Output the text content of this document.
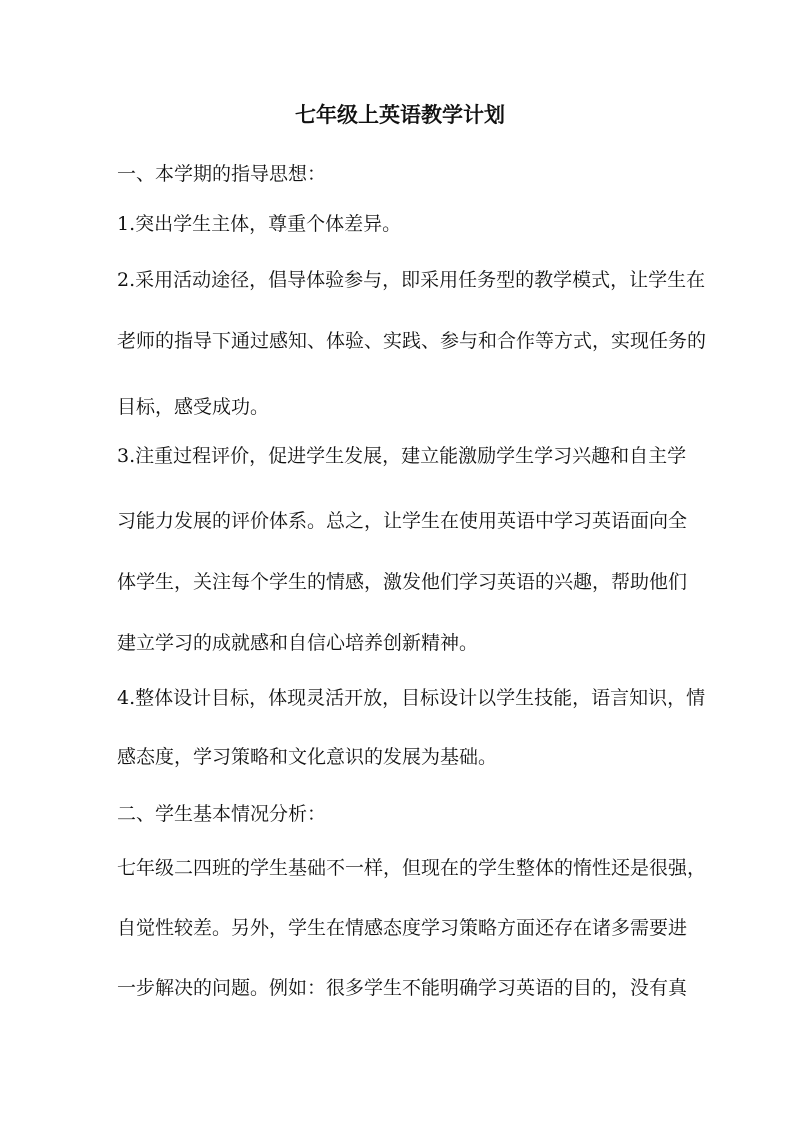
七年级上英语教学计划
一、本学期的指导思想：
1.突出学生主体，尊重个体差异。
2.采用活动途径，倡导体验参与，即采用任务型的教学模式，让学生在
老师的指导下通过感知、体验、实践、参与和合作等方式，实现任务的
目标，感受成功。
3.注重过程评价，促进学生发展，建立能激励学生学习兴趣和自主学
习能力发展的评价体系。总之，让学生在使用英语中学习英语面向全
体学生，关注每个学生的情感，激发他们学习英语的兴趣，帮助他们
建立学习的成就感和自信心培养创新精神。
4.整体设计目标，体现灵活开放，目标设计以学生技能，语言知识，情
感态度，学习策略和文化意识的发展为基础。
二、学生基本情况分析：
七年级二四班的学生基础不一样，但现在的学生整体的惰性还是很强，
自觉性较差。另外，学生在情感态度学习策略方面还存在诸多需要进
一步解决的问题。例如：很多学生不能明确学习英语的目的，没有真
